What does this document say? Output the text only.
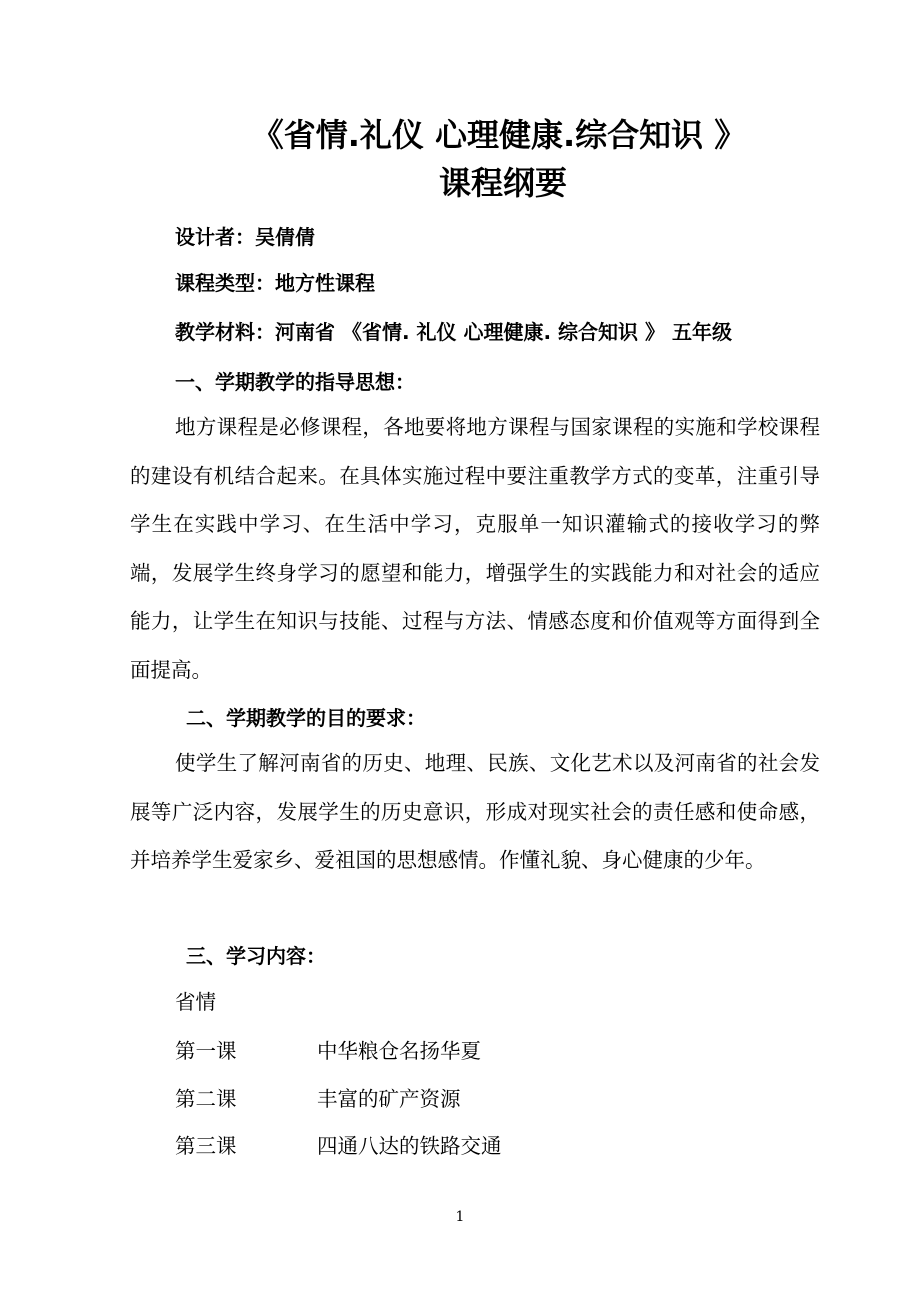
《省情.礼仪 心理健康.综合知识 》
课程纲要
设计者：吴倩倩
课程类型：地方性课程
教学材料：河南省 《省情. 礼仪 心理健康. 综合知识 》 五年级
一、学期教学的指导思想：
地方课程是必修课程，各地要将地方课程与国家课程的实施和学校课程的建设有机结合起来。在具体实施过程中要注重教学方式的变革，注重引导学生在实践中学习、在生活中学习，克服单一知识灌输式的接收学习的弊端，发展学生终身学习的愿望和能力，增强学生的实践能力和对社会的适应能力，让学生在知识与技能、过程与方法、情感态度和价值观等方面得到全面提高。
二、学期教学的目的要求：
使学生了解河南省的历史、地理、民族、文化艺术以及河南省的社会发展等广泛内容，发展学生的历史意识，形成对现实社会的责任感和使命感，并培养学生爱家乡、爱祖国的思想感情。作懂礼貌、身心健康的少年。
三、学习内容：
省情
第一课	中华粮仓名扬华夏
第二课	丰富的矿产资源
第三课	四通八达的铁路交通
1
